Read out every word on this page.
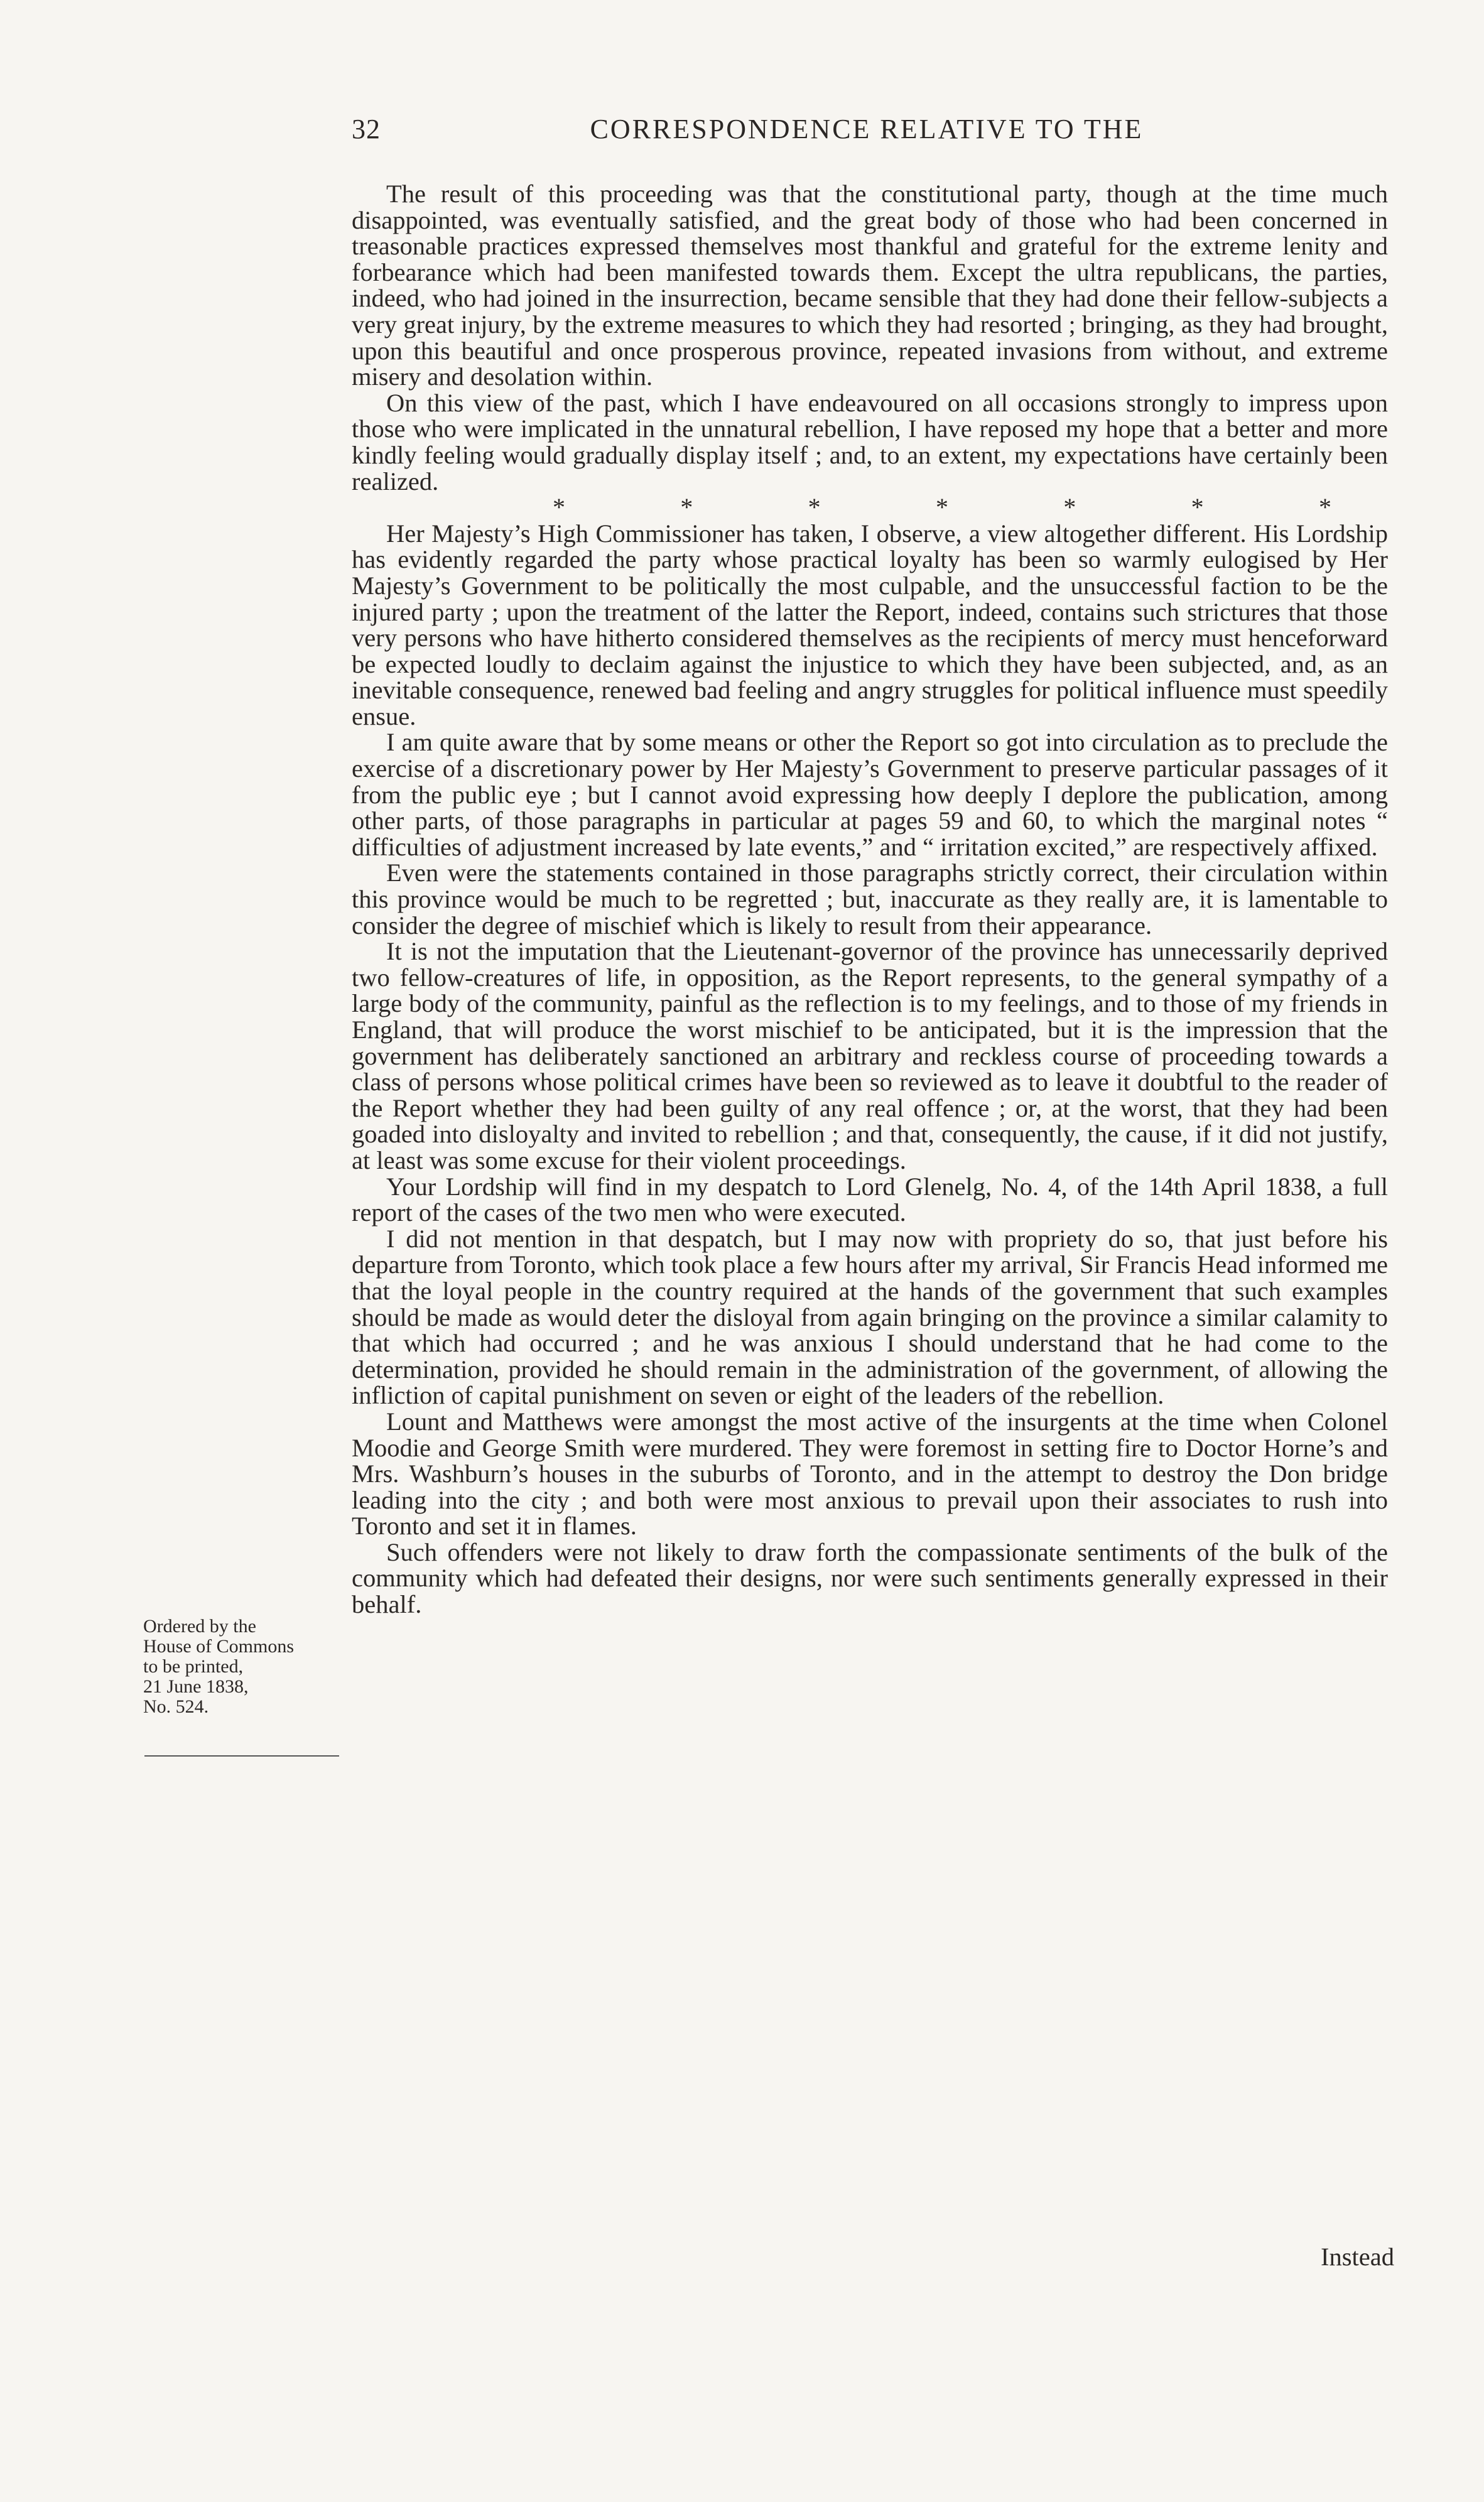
32	CORRESPONDENCE RELATIVE TO THE

The result of this proceeding was that the constitutional party, though at the time much disappointed, was eventually satisfied, and the great body of those who had been concerned in treasonable practices expressed themselves most thankful and grateful for the extreme lenity and forbearance which had been manifested towards them. Except the ultra republicans, the parties, indeed, who had joined in the insurrection, became sensible that they had done their fellow-subjects a very great injury, by the extreme measures to which they had resorted ; bringing, as they had brought, upon this beautiful and once prosperous province, repeated invasions from without, and extreme misery and desolation within.

On this view of the past, which I have endeavoured on all occasions strongly to impress upon those who were implicated in the unnatural rebellion, I have reposed my hope that a better and more kindly feeling would gradually display itself ; and, to an extent, my expectations have certainly been realized.

*	*	*	*	*	*	*

Her Majesty’s High Commissioner has taken, I observe, a view altogether different. His Lordship has evidently regarded the party whose practical loyalty has been so warmly eulogised by Her Majesty’s Government to be politically the most culpable, and the unsuccessful faction to be the injured party ; upon the treatment of the latter the Report, indeed, contains such strictures that those very persons who have hitherto considered themselves as the recipients of mercy must henceforward be expected loudly to declaim against the injustice to which they have been subjected, and, as an inevitable consequence, renewed bad feeling and angry struggles for political influence must speedily ensue.

I am quite aware that by some means or other the Report so got into circulation as to preclude the exercise of a discretionary power by Her Majesty’s Government to preserve particular passages of it from the public eye ; but I cannot avoid expressing how deeply I deplore the publication, among other parts, of those paragraphs in particular at pages 59 and 60, to which the marginal notes “ difficulties of adjustment increased by late events,” and “ irritation excited,” are respectively affixed.

Even were the statements contained in those paragraphs strictly correct, their circulation within this province would be much to be regretted ; but, inaccurate as they really are, it is lamentable to consider the degree of mischief which is likely to result from their appearance.

It is not the imputation that the Lieutenant-governor of the province has unnecessarily deprived two fellow-creatures of life, in opposition, as the Report represents, to the general sympathy of a large body of the community, painful as the reflection is to my feelings, and to those of my friends in England, that will produce the worst mischief to be anticipated, but it is the impression that the government has deliberately sanctioned an arbitrary and reckless course of proceeding towards a class of persons whose political crimes have been so reviewed as to leave it doubtful to the reader of the Report whether they had been guilty of any real offence ; or, at the worst, that they had been goaded into disloyalty and invited to rebellion ; and that, consequently, the cause, if it did not justify, at least was some excuse for their violent proceedings.

Your Lordship will find in my despatch to Lord Glenelg, No. 4, of the 14th April 1838, a full report of the cases of the two men who were executed.

I did not mention in that despatch, but I may now with propriety do so, that just before his departure from Toronto, which took place a few hours after my arrival, Sir Francis Head informed me that the loyal people in the country required at the hands of the government that such examples should be made as would deter the disloyal from again bringing on the province a similar calamity to that which had occurred ; and he was anxious I should understand that he had come to the determination, provided he should remain in the administration of the government, of allowing the infliction of capital punishment on seven or eight of the leaders of the rebellion.

Lount and Matthews were amongst the most active of the insurgents at the time when Colonel Moodie and George Smith were murdered. They were foremost in setting fire to Doctor Horne’s and Mrs. Washburn’s houses in the suburbs of Toronto, and in the attempt to destroy the Don bridge leading into the city ; and both were most anxious to prevail upon their associates to rush into Toronto and set it in flames.

Such offenders were not likely to draw forth the compassionate sentiments of the bulk of the community which had defeated their designs, nor were such sentiments generally expressed in their behalf.

Ordered by the
House of Commons
to be printed,
21 June 1838,
No. 524.
Instead
